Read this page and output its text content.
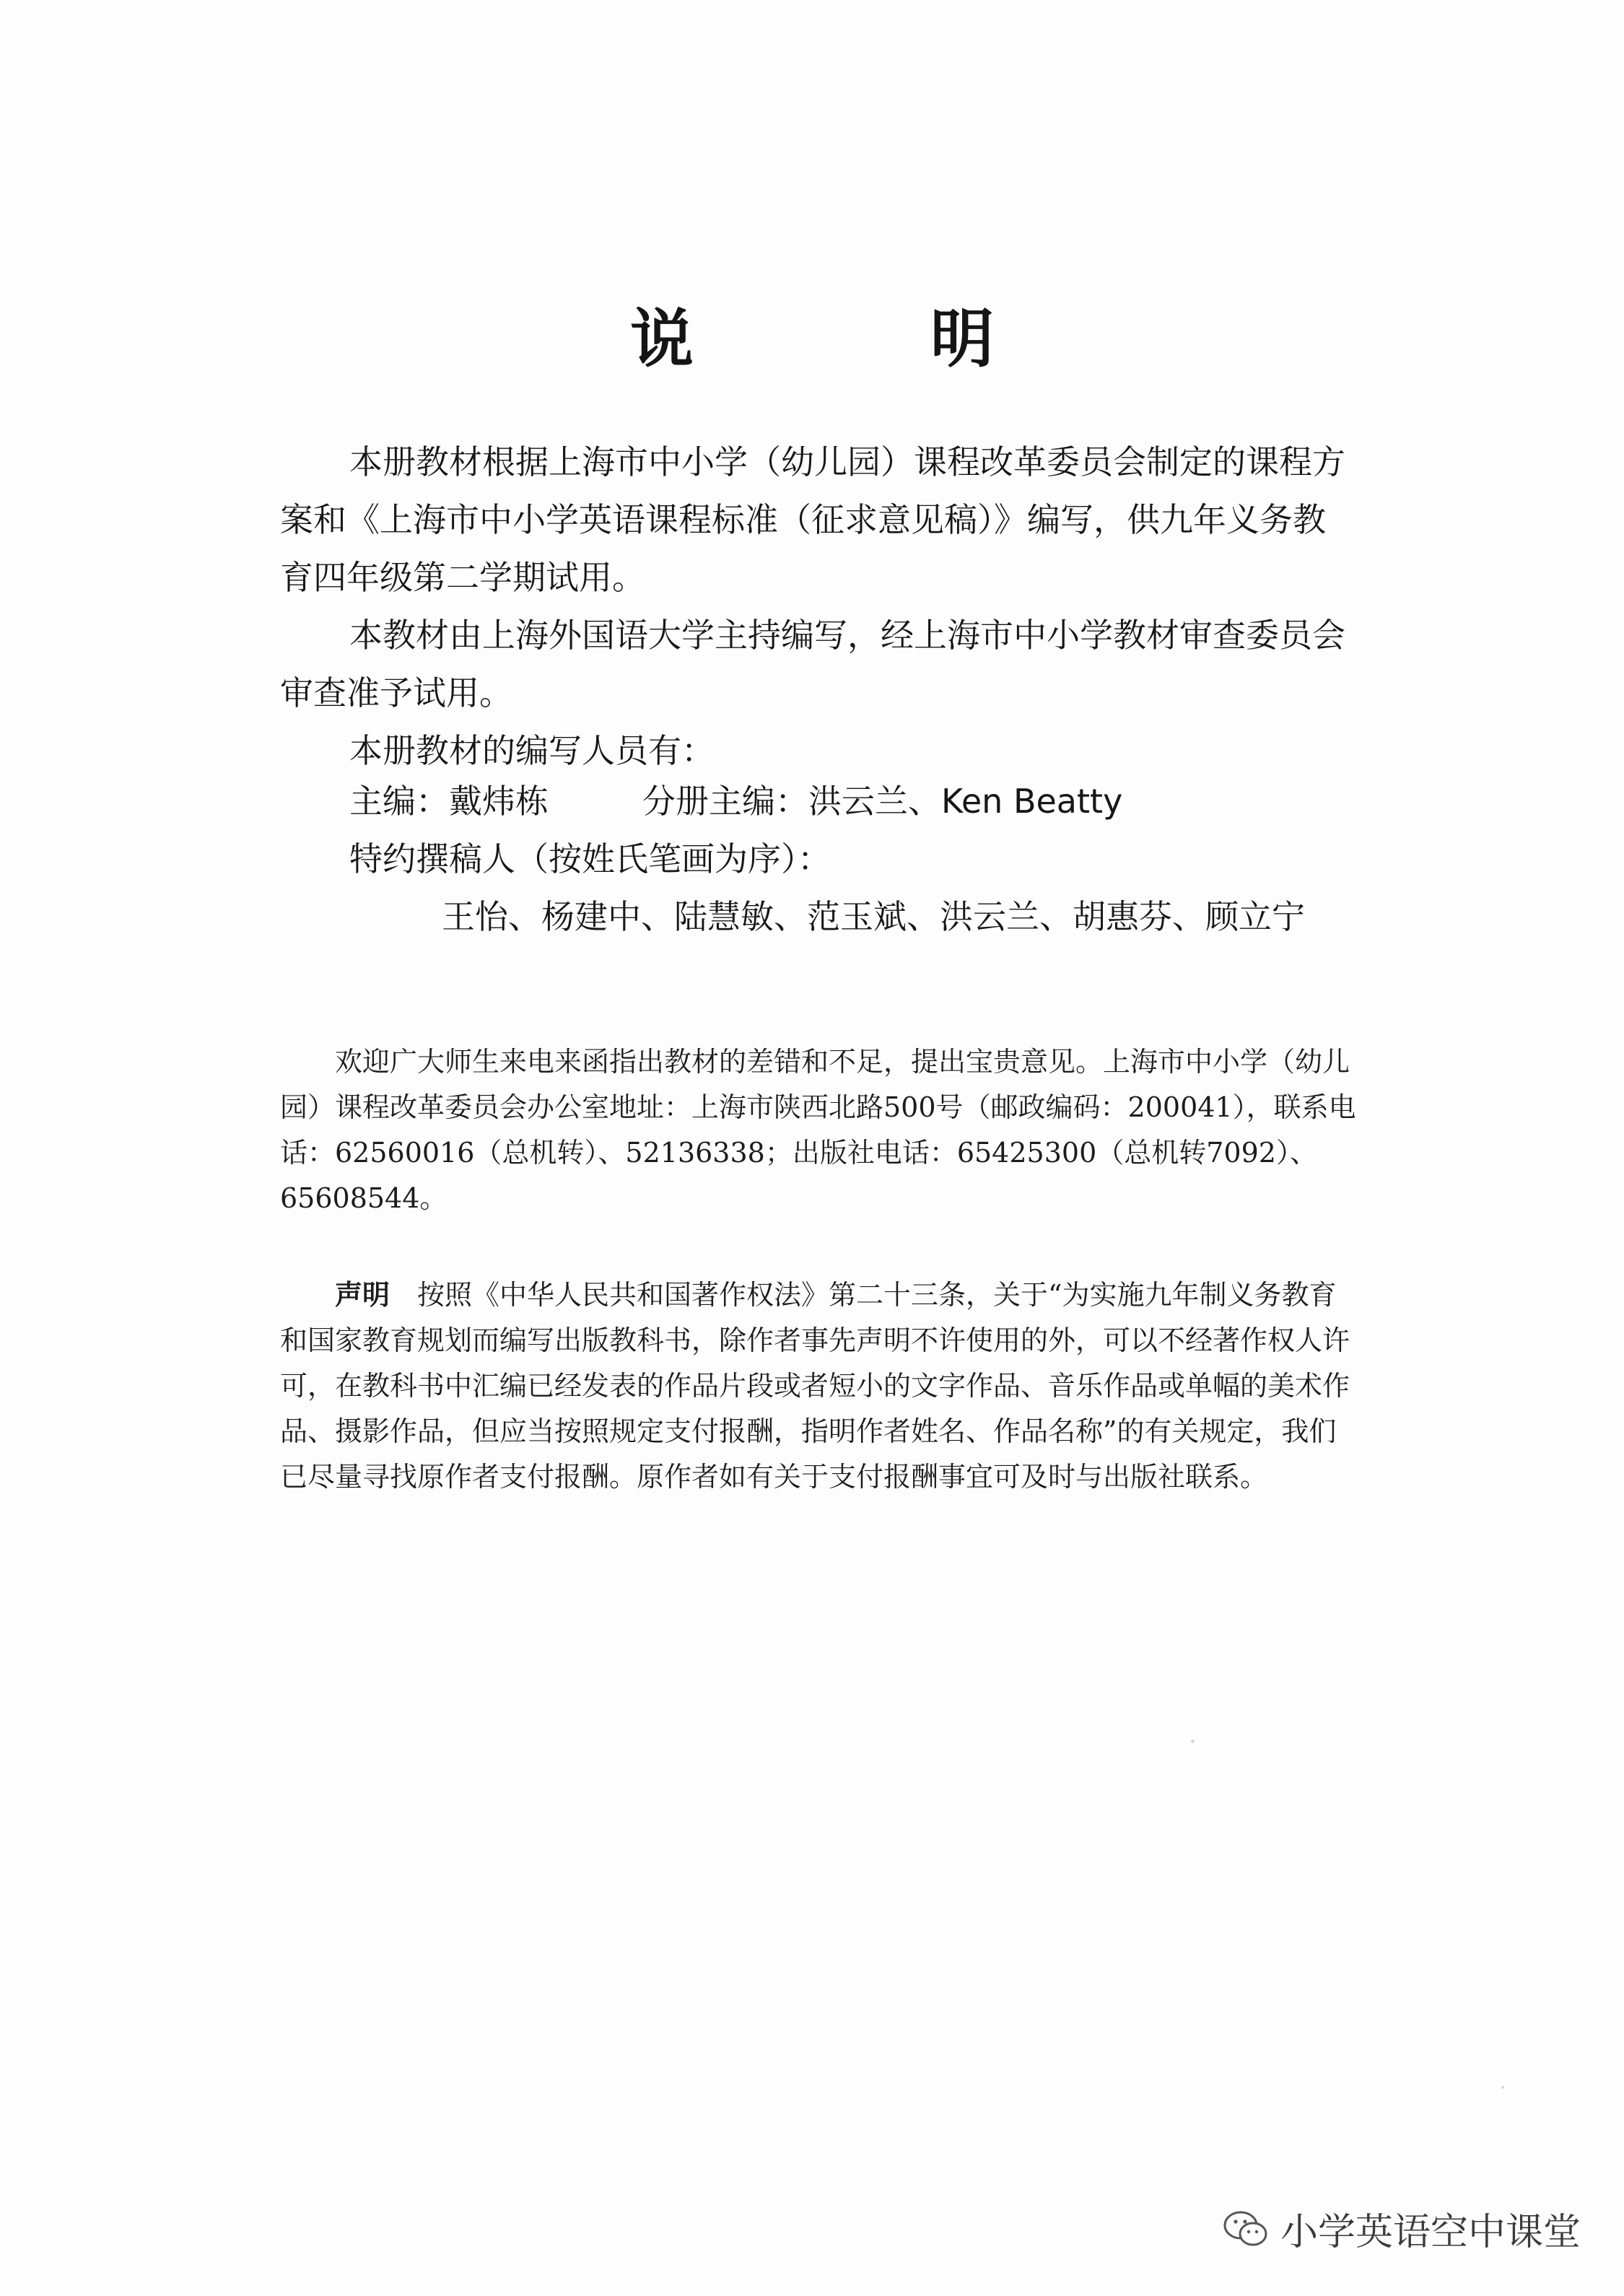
说　明

本册教材根据上海市中小学（幼儿园）课程改革委员会制定的课程方案和《上海市中小学英语课程标准（征求意见稿）》编写，供九年义务教育四年级第二学期试用。

本教材由上海外国语大学主持编写，经上海市中小学教材审查委员会审查准予试用。

本册教材的编写人员有：

主编：戴炜栋	分册主编：洪云兰、Ken Beatty
特约撰稿人（按姓氏笔画为序）：
王怡、杨建中、陆慧敏、范玉斌、洪云兰、胡惠芬、顾立宁

欢迎广大师生来电来函指出教材的差错和不足，提出宝贵意见。上海市中小学（幼儿园）课程改革委员会办公室地址：上海市陕西北路500号（邮政编码：200041），联系电话：62560016（总机转）、52136338；出版社电话：65425300（总机转7092）、65608544。

声明 按照《中华人民共和国著作权法》第二十三条，关于“为实施九年制义务教育和国家教育规划而编写出版教科书，除作者事先声明不许使用的外，可以不经著作权人许可，在教科书中汇编已经发表的作品片段或者短小的文字作品、音乐作品或单幅的美术作品、摄影作品，但应当按照规定支付报酬，指明作者姓名、作品名称”的有关规定，我们已尽量寻找原作者支付报酬。原作者如有关于支付报酬事宜可及时与出版社联系。

小学英语空中课堂
